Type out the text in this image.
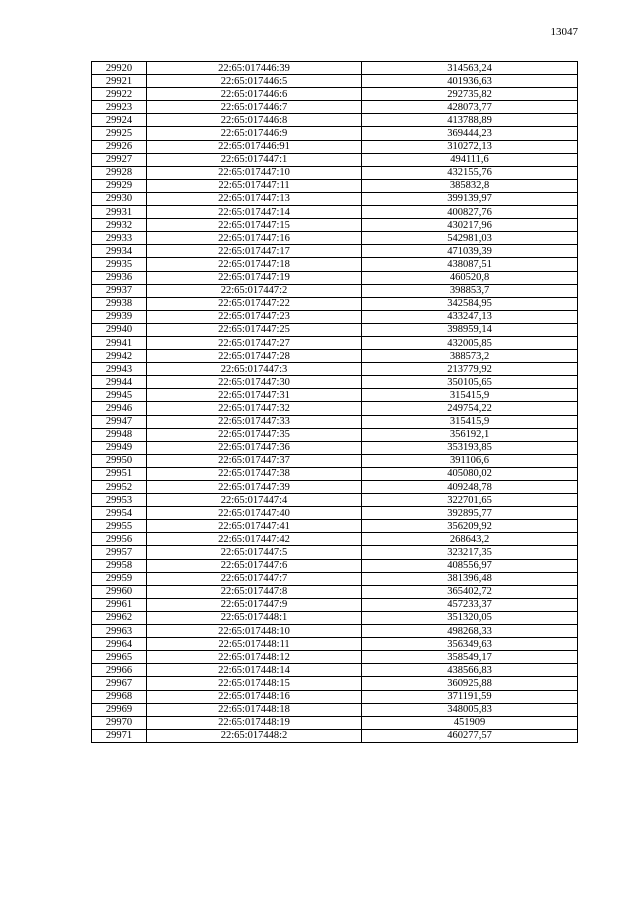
13047
29920	22:65:017446:39	314563,24
29921	22:65:017446:5	401936,63
29922	22:65:017446:6	292735,82
29923	22:65:017446:7	428073,77
29924	22:65:017446:8	413788,89
29925	22:65:017446:9	369444,23
29926	22:65:017446:91	310272,13
29927	22:65:017447:1	494111,6
29928	22:65:017447:10	432155,76
29929	22:65:017447:11	385832,8
29930	22:65:017447:13	399139,97
29931	22:65:017447:14	400827,76
29932	22:65:017447:15	430217,96
29933	22:65:017447:16	542981,03
29934	22:65:017447:17	471039,39
29935	22:65:017447:18	438087,51
29936	22:65:017447:19	460520,8
29937	22:65:017447:2	398853,7
29938	22:65:017447:22	342584,95
29939	22:65:017447:23	433247,13
29940	22:65:017447:25	398959,14
29941	22:65:017447:27	432005,85
29942	22:65:017447:28	388573,2
29943	22:65:017447:3	213779,92
29944	22:65:017447:30	350105,65
29945	22:65:017447:31	315415,9
29946	22:65:017447:32	249754,22
29947	22:65:017447:33	315415,9
29948	22:65:017447:35	356192,1
29949	22:65:017447:36	353193,85
29950	22:65:017447:37	391106,6
29951	22:65:017447:38	405080,02
29952	22:65:017447:39	409248,78
29953	22:65:017447:4	322701,65
29954	22:65:017447:40	392895,77
29955	22:65:017447:41	356209,92
29956	22:65:017447:42	268643,2
29957	22:65:017447:5	323217,35
29958	22:65:017447:6	408556,97
29959	22:65:017447:7	381396,48
29960	22:65:017447:8	365402,72
29961	22:65:017447:9	457233,37
29962	22:65:017448:1	351320,05
29963	22:65:017448:10	498268,33
29964	22:65:017448:11	356349,63
29965	22:65:017448:12	358549,17
29966	22:65:017448:14	438566,83
29967	22:65:017448:15	360925,88
29968	22:65:017448:16	371191,59
29969	22:65:017448:18	348005,83
29970	22:65:017448:19	451909
29971	22:65:017448:2	460277,57
